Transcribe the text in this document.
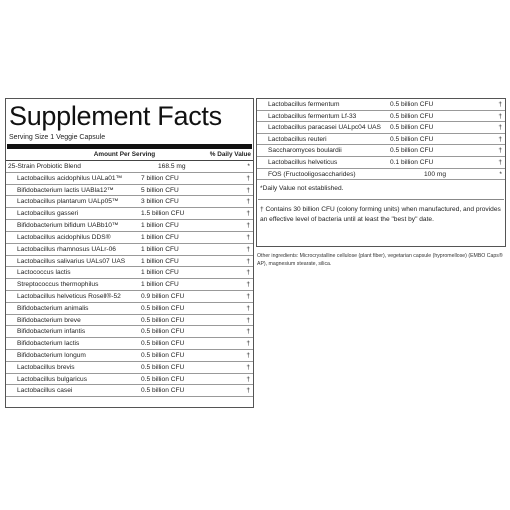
Supplement Facts
Serving Size 1 Veggie Capsule
Amount Per Serving	% Daily Value
25-Strain Probiotic Blend	168.5 mg	*
Lactobacillus acidophilus UALa01™	7 billion CFU	†
Bifidobacterium lactis UABla12™	5 billion CFU	†
Lactobacillus plantarum UALp05™	3 billion CFU	†
Lactobacillus gasseri	1.5 billion CFU	†
Bifidobacterium bifidum UABb10™	1 billion CFU	†
Lactobacillus acidophilus DDS®	1 billion CFU	†
Lactobacillus rhamnosus UALr-06	1 billion CFU	†
Lactobacillus salivarius UALs07 UAS	1 billion CFU	†
Lactococcus lactis	1 billion CFU	†
Streptococcus thermophilus	1 billion CFU	†
Lactobacillus helveticus Rosell®-52	0.9 billion CFU	†
Bifidobacterium animalis	0.5 billion CFU	†
Bifidobacterium breve	0.5 billion CFU	†
Bifidobacterium infantis	0.5 billion CFU	†
Bifidobacterium lactis	0.5 billion CFU	†
Bifidobacterium longum	0.5 billion CFU	†
Lactobacillus brevis	0.5 billion CFU	†
Lactobacillus bulgaricus	0.5 billion CFU	†
Lactobacillus casei	0.5 billion CFU	†
Lactobacillus fermentum	0.5 billion CFU	†
Lactobacillus fermentum Lf-33	0.5 billion CFU	†
Lactobacillus paracasei UALpc04 UAS	0.5 billion CFU	†
Lactobacillus reuteri	0.5 billion CFU	†
Saccharomyces boulardii	0.5 billion CFU	†
Lactobacillus helveticus	0.1 billion CFU	†
FOS (Fructooligosaccharides)	100 mg	*
*Daily Value not established.
† Contains 30 billion CFU (colony forming units) when manufactured, and provides an effective level of bacteria until at least the "best by" date.
Other ingredients: Microcrystalline cellulose (plant fiber), vegetarian capsule (hypromellose) (EMBO Caps® AP), magnesium stearate, silica.
